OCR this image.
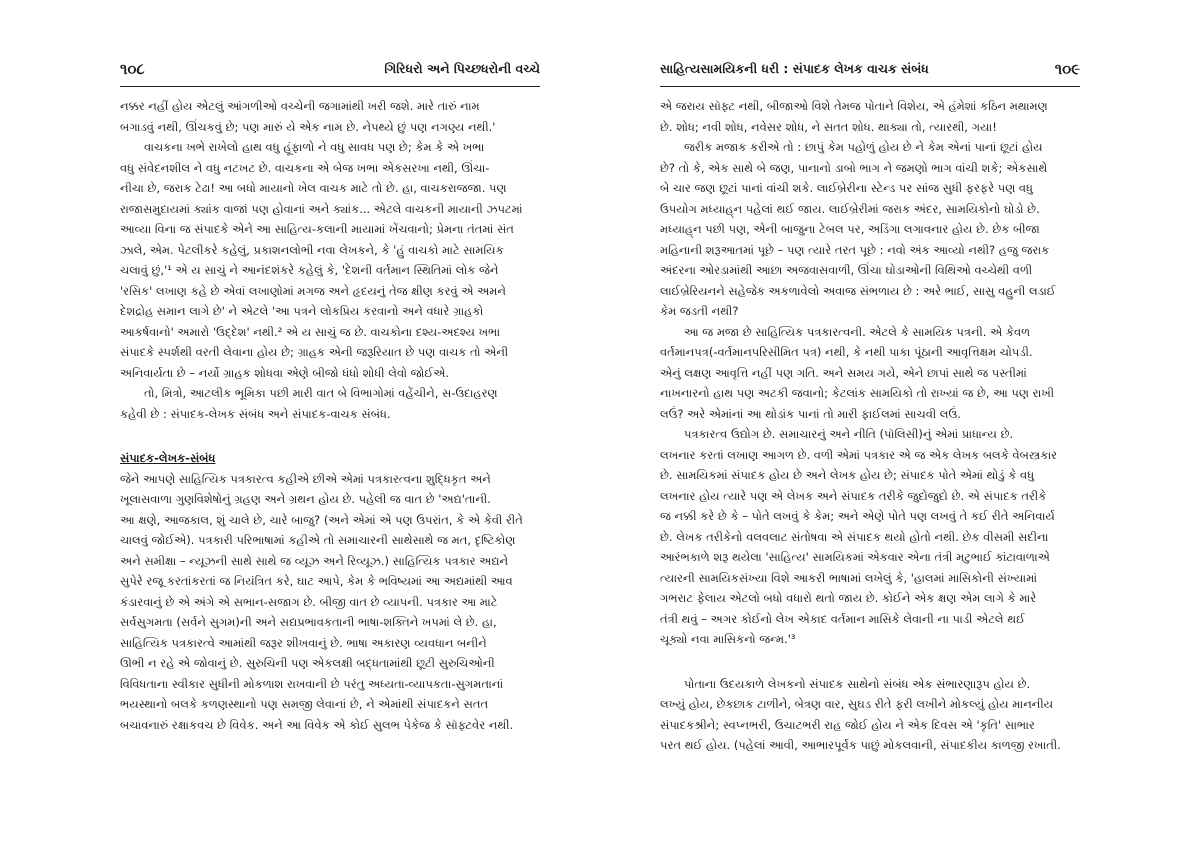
૧૦૮	ગિરિધરો અને પિચ્છધરોની વચ્ચે
નક્કર નહીં હોય એટલું આંગળીઓ વચ્ચેની જગામાંથી ખરી જશે. મારે તારું નામ
બગાડવું નથી, ઊંચકવું છે; પણ મારું યે એક નામ છે. નેપથ્યે છું પણ નગણ્ય નથી.'
વાચકના ખભે રાખેલો હાથ વધુ હૂંફાળો ને વધુ સાવધ પણ છે; કેમ કે એ ખભા
વધુ સંવેદનશીલ ને વધુ નટખટ છે. વાચકના એ બેજ ખભા એકસરખા નથી, ઊંચા-
નીચા છે, જરાક ટેઢા! આ બધો માયાનો ખેલ વાચક માટે તો છે. હા, વાચકરાજજા. પણ
રાજાસમુદાયમાં ક્યાંક વાજાં પણ હોવાનાં અને ક્યાંક... એટલે વાચકની માયાની ઝપટમાં
આવ્યા વિના જ સંપાદકે એને આ સાહિત્ય-કલાની માયામાં ખેંચવાનો; પ્રેમના તંતમાં સંત
ઝાલે, એમ. પેટલીકરે કહેલું, પ્રકાશનલોભી નવા લેખકને, કે 'હું વાચકો માટે સામયિક
ચલાવું છું,'¹ એ ય સાચું ને આનંદશંકરે કહેલું કે, 'દેશની વર્તમાન સ્થિતિમાં લોક જેને
'રસિક' લખાણ કહે છે એવાં લખાણોમાં મગજ અને હૃદયનું તેજ ક્ષીણ કરવું એ અમને
દેશદ્રોહ સમાન લાગે છે' ને એટલે 'આ પત્રને લોકપ્રિય કરવાનો અને વધારે ગ્રાહકો
આકર્ષવાનો' અમારો 'ઉદ્દેશ' નથી.² એ ય સાચું જ છે. વાચકોના દશ્ય-અદશ્ય ખભા
સંપાદકે સ્પર્શથી વરતી લેવાના હોય છે; ગ્રાહક એની જરૂરિયાત છે પણ વાચક તો એની
અનિવાર્યતા છે – નર્યો ગ્રાહક શોધવા એણે બીજો ધંધો શોધી લેવો જોઈએ.
તો, મિત્રો, આટલીક ભૂમિકા પછી મારી વાત બે વિભાગોમાં વહેંચીને, સ-ઉદાહરણ
કહેવી છે : સંપાદક-લેખક સંબંધ અને સંપાદક-વાચક સંબંધ.
સંપાદક-લેખક-સંબંધ
જેને આપણે સાહિત્યિક પત્રકારત્વ કહીએ છીએ એમાં પત્રકારત્વના શુદ્ધિકૃત અને
ખૂલાસવાળા ગુણવિશેષોનું ગ્રહણ અને ગ્રથન હોય છે. પહેલી જ વાત છે 'અદ્ય'તાની.
આ ક્ષણે, આજકાલ, શું ચાલે છે, ચારે બાજુ? (અને એમાં એ પણ ઉપરાંત, કે એ કેવી રીતે
ચાલવું જોઈએ). પત્રકારી પરિભાષામાં કહીએ તો સમાચારની સાથેસાથે જ મત, દૃષ્ટિકોણ
અને સમીક્ષા – ન્યૂઝની સાથે સાથે જ વ્યૂઝ અને રિવ્યૂઝ.) સાહિત્યિક પત્રકાર અદ્યને
સુપેરે રજૂ કરતાંકરતાં જ નિયંત્રિત કરે, ઘાટ આપે, કેમ કે ભવિષ્યમાં આ અદ્યમાંથી આવ
કંડારવાનું છે એ અંગે એ સભાન-સજાગ છે. બીજી વાત છે વ્યાપની. પત્રકાર આ માટે
સર્વસુગમતા (સર્વને સુગમ)ની અને સદ્યપ્રભાવકતાની ભાષા-શક્તિને ખપમાં લે છે. હા,
સાહિત્યિક પત્રકારત્વે આમાંથી જરૂર શીખવાનું છે. ભાષા અકારણ વ્યવધાન બનીને
ઊભી ન રહે એ જોવાનું છે. સુરુચિની પણ એકલક્ષી બદ્ધતામાંથી છૂટી સુરુચિઓની
વિવિધતાના સ્વીકાર સુધીની મોકળાશ રાખવાની છે પરંતુ અધ્યતા-વ્યાપકતા-સુગમતાનાં
ભયસ્થાનો બલકે કળણસ્થાનો પણ સમજી લેવાનાં છે, ને એમાંથી સંપાદકને સતત
બચાવનારું રક્ષાકવચ છે વિવેક. અને આ વિવેક એ કોઈ સુલભ પેકેજ કે સૉફ્ટવેર નથી.
સાહિત્યસામયિકની ધરી : સંપાદક લેખક વાચક સંબંધ	૧૦૯
એ જરાય સૉફ્ટ નથી, બીજાઓ વિશે તેમજ પોતાને વિશેય, એ હંમેશાં કઠિન મથામણ
છે. શોધ; નવી શોધ, નવેસર શોધ, ને સતત શોધ. થાક્યા તો, ત્યારથી, ગયા!
જરીક મજાક કરીએ તો : છાપું કેમ પહોળું હોય છે ને કેમ એનાં પાનાં છૂટાં હોય
છે? તો કે, એક સાથે બે જણ, પાનાનો ડાબો ભાગ ને જમણો ભાગ વાંચી શકે; એકસાથે
બે ચાર જણ છૂટાં પાનાં વાંચી શકે. લાઈબ્રેરીના સ્ટેન્ડ પર સાંજ સુધી ફરફરે પણ વધુ
ઉપયોગ મધ્યાહ્‌ન પહેલાં થઈ જાય. લાઈબ્રેરીમાં જરાક અંદર, સામયિકોનો ઘોડો છે.
મધ્યાહ્‌ન પછી પણ, એની બાજુના ટેબલ પર, અડિંગા લગાવનાર હોય છે. છેક બીજા
મહિનાની શરૂઆતમાં પૂછે – પણ ત્યારે તરત પૂછે : નવો અંક આવ્યો નથી? હજુ જરાક
અંદરના ઓરડામાંથી આછા અજવાસવાળી, ઊંચા ઘોડાઓની વિથિઓ વચ્ચેથી વળી
લાઈબ્રેરિયનને સહેજેક અકળાવેલો અવાજ સંભળાય છે : અરે ભાઈ, સાસુ વહુની લડાઈ
કેમ જડતી નથી?
આ જ મજા છે સાહિત્યિક પત્રકારત્વની. એટલે કે સામયિક પત્રની. એ કેવળ
વર્તમાનપત્ર(-વર્તમાનપરિસીમિત પત્ર) નથી, કે નથી પાકા પૂંઠાની આવૃત્તિક્ષમ ચોપડી.
એનું લક્ષણ આવૃત્તિ નહીં પણ ગતિ. અને સમય ગયે, એને છાપાં સાથે જ પસ્તીમાં
નાખનારનો હાથ પણ અટકી જવાનો; કેટલાંક સામયિકો તો રાખ્યાં જ છે, આ પણ રાખી
લઉં? અરે એમાંનાં આ થોડાંક પાનાં તો મારી ફાઈલમાં સાચવી લઉં.
પત્રકારત્વ ઉદ્યોગ છે. સમાચારનું અને નીતિ (પૉલિસી)નું એમાં પ્રાધાન્ય છે.
લખનાર કરતાં લખાણ આગળ છે. વળી એમાં પત્રકાર એ જ એક લેખક બલકે વેબસ્ત્રકાર
છે. સામયિકમાં સંપાદક હોય છે અને લેખક હોય છે; સંપાદક પોતે એમાં થોડું કે વધુ
લખનાર હોય ત્યારે પણ એ લેખક અને સંપાદક તરીકે જુદોજુદો છે. એ સંપાદક તરીકે
જ નક્કી કરે છે કે – પોતે લખવું કે કેમ; અને એણે પોતે પણ લખવું તે કઈ રીતે અનિવાર્ય
છે. લેખક તરીકેનો વલવલાટ સંતોષવા એ સંપાદક થયો હોતો નથી. છેક વીસમી સદીના
આરંભકાળે શરૂ થયેલા 'સાહિત્ય' સામયિકમાં એકવાર એના તંત્રી મટુભાઈ કાંટાવાળાએ
ત્યારની સામયિકસંખ્યા વિશે આકરી ભાષામાં લખેલું કે, 'હાલમાં માસિકોની સંખ્યામાં
ગભરાટ ફેલાય એટલો બધો વધારો થતો જાય છે. કોઈને એક ક્ષણ એમ લાગે કે મારે
તંત્રી થવું – અગર કોઈનો લેખ એકાદ વર્તમાન માસિકે લેવાની ના પાડી એટલે થઈ
ચૂક્યો નવા માસિકનો જન્મ.'³
પોતાના ઉદયકાળે લેખકનો સંપાદક સાથેનો સંબંધ એક સંભારણારૂપ હોય છે.
લખ્યું હોય, છેકછાક ટાળીને, બેત્રણ વાર, સુઘડ રીતે ફરી લખીને મોકલ્યું હોય માનનીય
સંપાદકશ્રીને; સ્વપ્નભરી, ઉચાટભરી રાહ જોઈ હોય ને એક દિવસ એ 'કૃતિ' સાભાર
પરત થઈ હોય. (પહેલાં આવી, આભારપૂર્વક પાછું મોકલવાની, સંપાદકીય કાળજી રખાતી.
